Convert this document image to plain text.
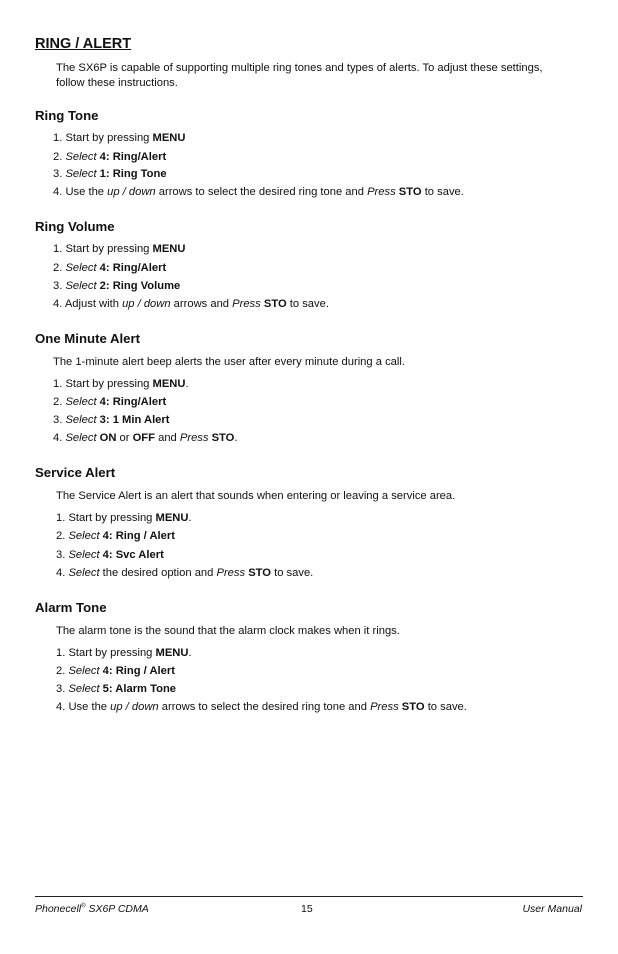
RING / ALERT

The SX6P is capable of supporting multiple ring tones and types of alerts. To adjust these settings, follow these instructions.

Ring Tone

1. Start by pressing MENU

2. Select 4: Ring/Alert

3. Select 1: Ring Tone

4. Use the up / down arrows to select the desired ring tone and Press STO to save.

Ring Volume

1. Start by pressing MENU

2. Select 4: Ring/Alert

3. Select 2: Ring Volume

4. Adjust with up / down arrows and Press STO to save.

One Minute Alert

The 1-minute alert beep alerts the user after every minute during a call.

1. Start by pressing MENU.

2. Select 4: Ring/Alert

3. Select 3: 1 Min Alert

4. Select ON or OFF and Press STO.

Service Alert

The Service Alert is an alert that sounds when entering or leaving a service area.

1. Start by pressing MENU.

2. Select 4: Ring / Alert

3. Select 4: Svc Alert

4. Select the desired option and Press STO to save.

Alarm Tone

The alarm tone is the sound that the alarm clock makes when it rings.

1. Start by pressing MENU.

2. Select 4: Ring / Alert

3. Select 5: Alarm Tone

4. Use the up / down arrows to select the desired ring tone and Press STO to save.

Phonecell® SX6P CDMA	15	User Manual
